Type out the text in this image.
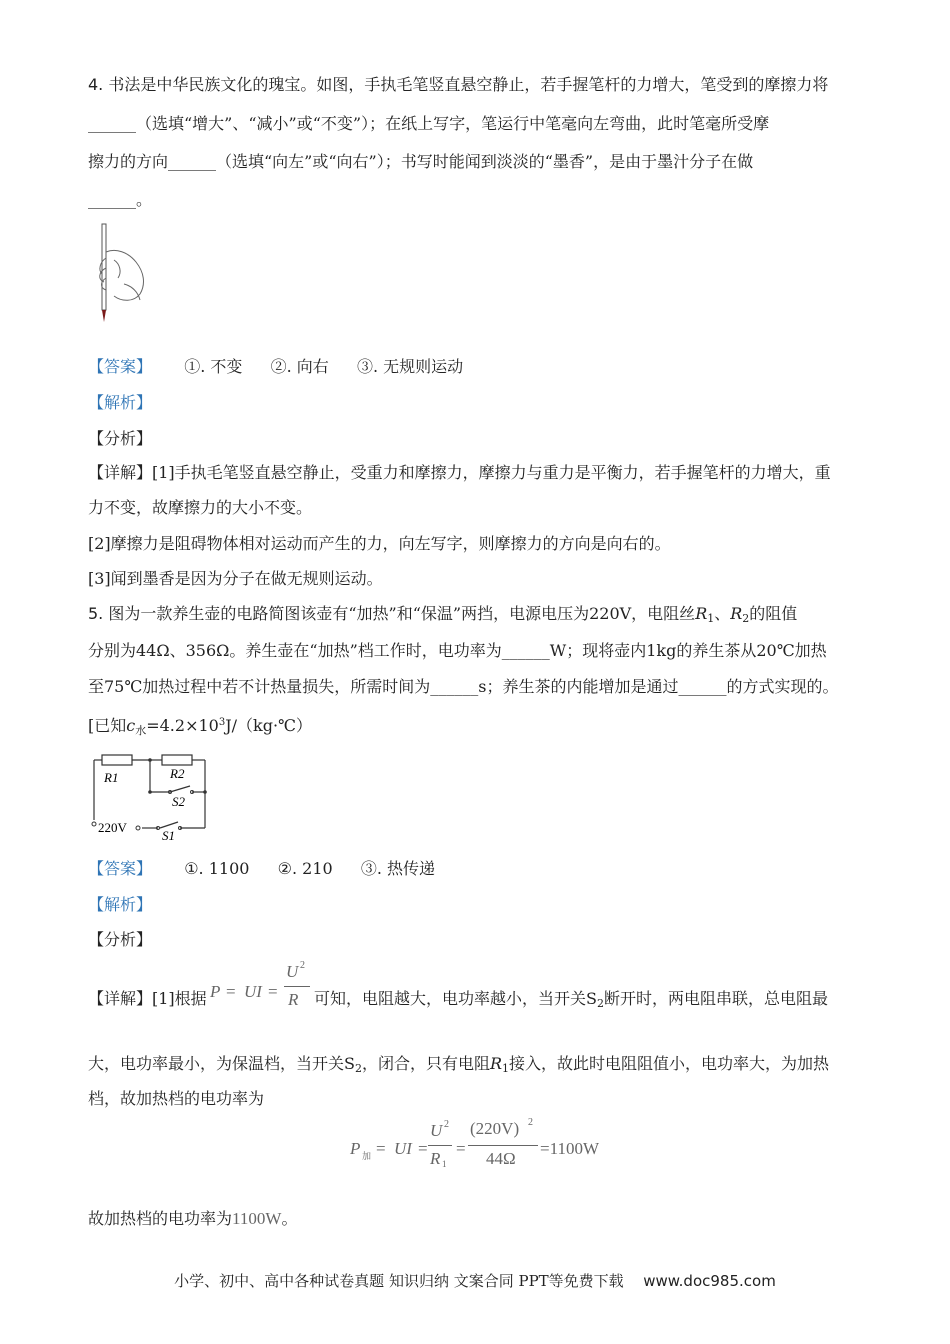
4. 书法是中华民族文化的瑰宝。如图，手执毛笔竖直悬空静止，若手握笔杆的力增大，笔受到的摩擦力将
______（选填“增大”、“减小”或“不变”）；在纸上写字，笔运行中笔毫向左弯曲，此时笔毫所受摩
擦力的方向______（选填“向左”或“向右”）；书写时能闻到淡淡的“墨香”，是由于墨汁分子在做
______。
【答案】 ①. 不变 ②. 向右 ③. 无规则运动
【解析】
【分析】
【详解】[1]手执毛笔竖直悬空静止，受重力和摩擦力，摩擦力与重力是平衡力，若手握笔杆的力增大，重
力不变，故摩擦力的大小不变。
[2]摩擦力是阻碍物体相对运动而产生的力，向左写字，则摩擦力的方向是向右的。
[3]闻到墨香是因为分子在做无规则运动。
5. 图为一款养生壶的电路简图该壶有“加热”和“保温”两挡，电源电压为220V，电阻丝$R_1$、$R_2$的阻值
分别为44Ω、356Ω。养生壶在“加热”档工作时，电功率为______W；现将壶内1kg的养生茶从20℃加热
至75℃加热过程中若不计热量损失，所需时间为______s；养生茶的内能增加是通过______的方式实现的。
[已知$c_水=4.2\times 10^3J/(kg\cdot℃)$
R1	R2
S2
220V
S1
【答案】 ①. 1100 ②. 210 ③. 热传递
【解析】
【分析】
【详解】[1]根据 P = UI =
U 2
R 可知，电阻越大，电功率越小，当开关$S_2$断开时，两电阻串联，总电阻最
大，电功率最小，为保温档，当开关$S_2$，闭合，只有电阻$R_1$接入，故此时电阻阻值小，电功率大，为加热
档，故加热档的电功率为
P 加 = UI =
U 2
R 1
=
(220V) 2
44Ω
=1100W
故加热档的电功率为1100W。
小学、初中、高中各种试卷真题 知识归纳 文案合同 PPT等免费下载 www.doc985.com
